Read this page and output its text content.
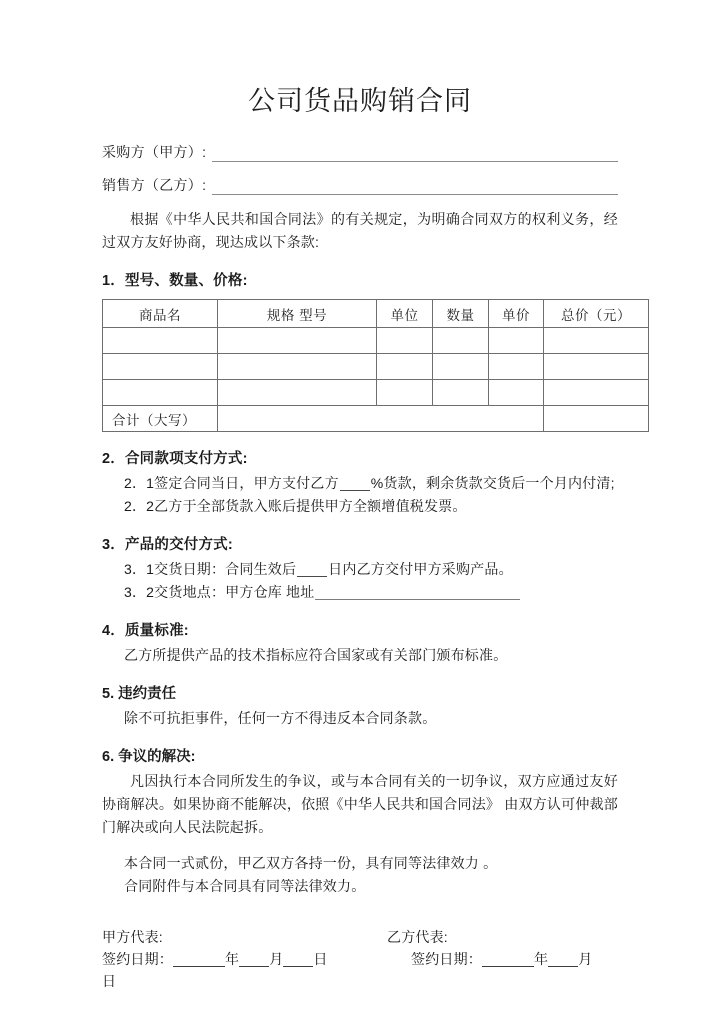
公司货品购销合同
采购方（甲方）:
销售方（乙方）:
根据《中华人民共和国合同法》的有关规定，为明确合同双方的权利义务，经过双方友好协商，现达成以下条款:
1．型号、数量、价格:
商品名	规格 型号	单位	数量	单价	总价（元）

合计（大写）					
2．合同款项支付方式:
2．1签定合同当日，甲方支付乙方 %货款，剩余货款交货后一个月内付清;
2．2乙方于全部货款入账后提供甲方全额增值税发票。
3．产品的交付方式:
3．1交货日期：合同生效后 日内乙方交付甲方采购产品。
3．2交货地点：甲方仓库 地址
4．质量标准:
乙方所提供产品的技术指标应符合国家或有关部门颁布标准。
5. 违约责任
除不可抗拒事件，任何一方不得违反本合同条款。
6. 争议的解决:
凡因执行本合同所发生的争议，或与本合同有关的一切争议，双方应通过友好协商解决。如果协商不能解决，依照《中华人民共和国合同法》 由双方认可仲裁部门解决或向人民法院起拆。
本合同一式贰份，甲乙双方各持一份，具有同等法律效力 。
合同附件与本合同具有同等法律效力。
甲方代表:
签约日期：	年 月 日
日
乙方代表:
签约日期：	年 月
